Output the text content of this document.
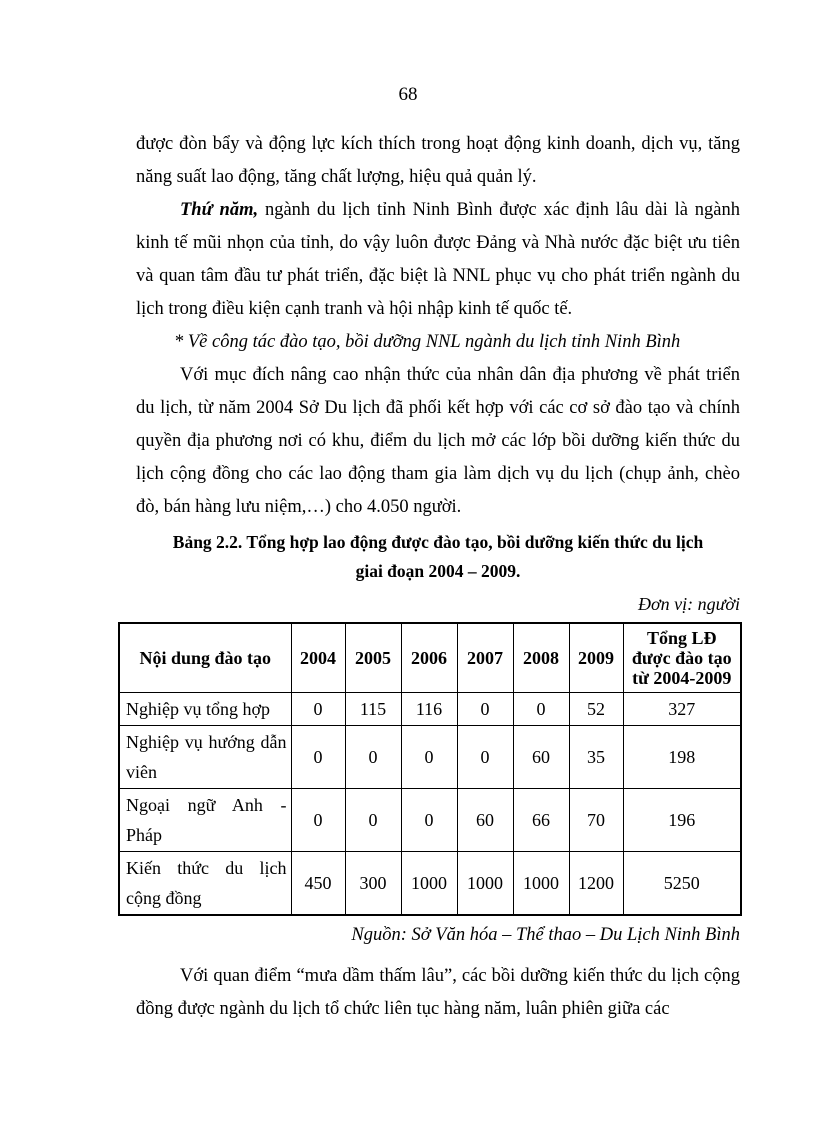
68

được đòn bẩy và động lực kích thích trong hoạt động kinh doanh, dịch vụ, tăng năng suất lao động, tăng chất lượng, hiệu quả quản lý.

Thứ năm, ngành du lịch tỉnh Ninh Bình được xác định lâu dài là ngành kinh tế mũi nhọn của tỉnh, do vậy luôn được Đảng và Nhà nước đặc biệt ưu tiên và quan tâm đầu tư phát triển, đặc biệt là NNL phục vụ cho phát triển ngành du lịch trong điều kiện cạnh tranh và hội nhập kinh tế quốc tế.

* Về công tác đào tạo, bồi dưỡng NNL ngành du lịch tỉnh Ninh Bình

Với mục đích nâng cao nhận thức của nhân dân địa phương về phát triển du lịch, từ năm 2004 Sở Du lịch đã phối kết hợp với các cơ sở đào tạo và chính quyền địa phương nơi có khu, điểm du lịch mở các lớp bồi dưỡng kiến thức du lịch cộng đồng cho các lao động tham gia làm dịch vụ du lịch (chụp ảnh, chèo đò, bán hàng lưu niệm,…) cho 4.050 người.

Bảng 2.2. Tổng hợp lao động được đào tạo, bồi dưỡng kiến thức du lịch
giai đoạn 2004 – 2009.
Đơn vị: người
Nội dung đào tạo	2004	2005	2006	2007	2008	2009	Tổng LĐ được đào tạo từ 2004-2009
Nghiệp vụ tổng hợp	0	115	116	0	0	52	327
Nghiệp vụ hướng dẫn viên	0	0	0	0	60	35	198
Ngoại ngữ Anh - Pháp	0	0	0	60	66	70	196
Kiến thức du lịch cộng đồng	450	300	1000	1000	1000	1200	5250
Nguồn: Sở Văn hóa – Thể thao – Du Lịch Ninh Bình

Với quan điểm “mưa dầm thấm lâu”, các bồi dưỡng kiến thức du lịch cộng đồng được ngành du lịch tổ chức liên tục hàng năm, luân phiên giữa các
